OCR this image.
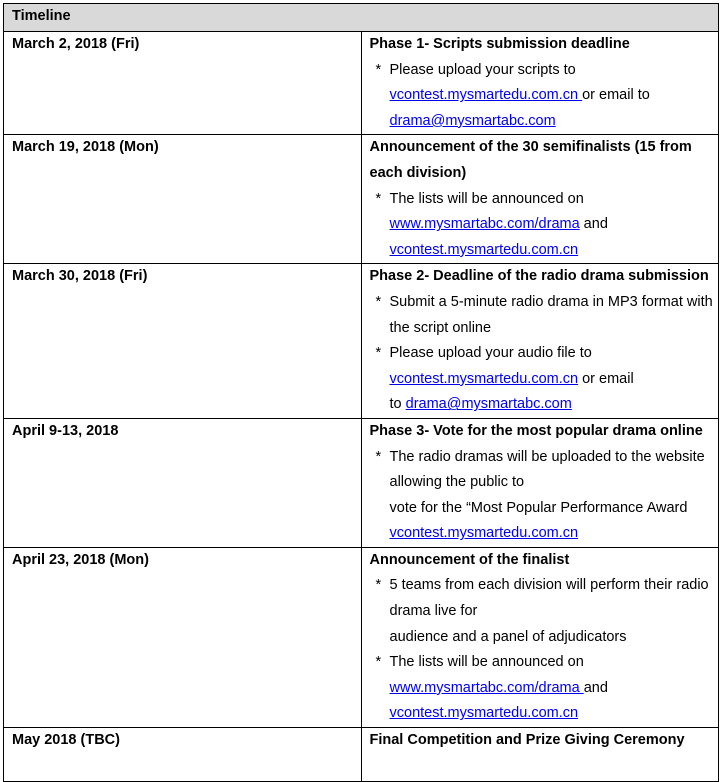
Timeline	
March 2, 2018 (Fri)	Phase 1- Scripts submission deadline
* Please upload your scripts to vcontest.mysmartedu.com.cn or email to
drama@mysmartabc.com

March 19, 2018 (Mon)	Announcement of the 30 semifinalists (15 from each division)
* The lists will be announced on www.mysmartabc.com/drama and
vcontest.mysmartedu.com.cn

March 30, 2018 (Fri)	Phase 2- Deadline of the radio drama submission
* Submit a 5-minute radio drama in MP3 format with the script online
* Please upload your audio file to vcontest.mysmartedu.com.cn or email
to drama@mysmartabc.com

April 9-13, 2018	Phase 3- Vote for the most popular drama online
* The radio dramas will be uploaded to the website allowing the public to
vote for the “Most Popular Performance Award
vcontest.mysmartedu.com.cn

April 23, 2018 (Mon)	Announcement of the finalist
* 5 teams from each division will perform their radio drama live for
audience and a panel of adjudicators
* The lists will be announced on www.mysmartabc.com/drama and
vcontest.mysmartedu.com.cn

May 2018 (TBC)	Final Competition and Prize Giving Ceremony
